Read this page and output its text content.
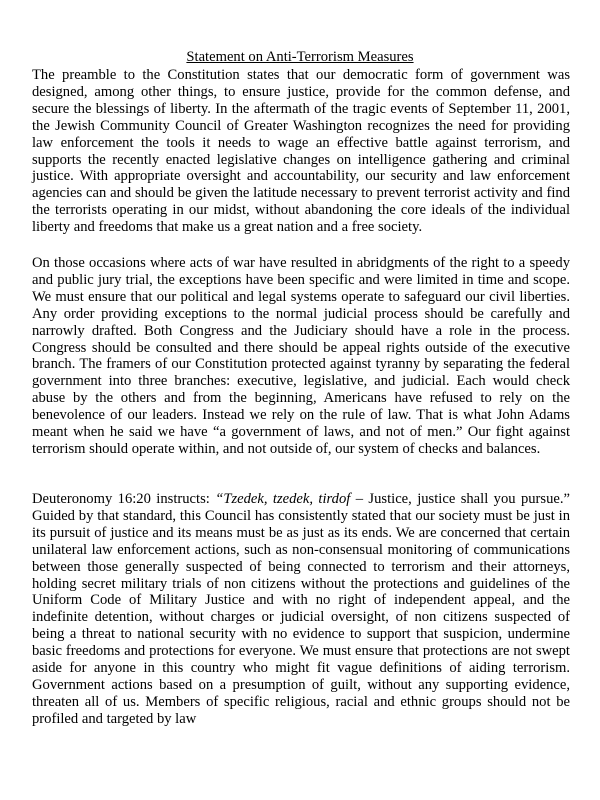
Statement on Anti-Terrorism Measures

The preamble to the Constitution states that our democratic form of government was designed, among other things, to ensure justice, provide for the common defense, and secure the blessings of liberty. In the aftermath of the tragic events of September 11, 2001, the Jewish Community Council of Greater Washington recognizes the need for providing law enforcement the tools it needs to wage an effective battle against terrorism, and supports the recently enacted legislative changes on intelligence gathering and criminal justice. With appropriate oversight and accountability, our security and law enforcement agencies can and should be given the latitude necessary to prevent terrorist activity and find the terrorists operating in our midst, without abandoning the core ideals of the individual liberty and freedoms that make us a great nation and a free society.

On those occasions where acts of war have resulted in abridgments of the right to a speedy and public jury trial, the exceptions have been specific and were limited in time and scope. We must ensure that our political and legal systems operate to safeguard our civil liberties. Any order providing exceptions to the normal judicial process should be carefully and narrowly drafted. Both Congress and the Judiciary should have a role in the process. Congress should be consulted and there should be appeal rights outside of the executive branch. The framers of our Constitution protected against tyranny by separating the federal government into three branches: executive, legislative, and judicial. Each would check abuse by the others and from the beginning, Americans have refused to rely on the benevolence of our leaders. Instead we rely on the rule of law. That is what John Adams meant when he said we have “a government of laws, and not of men.” Our fight against terrorism should operate within, and not outside of, our system of checks and balances.

Deuteronomy 16:20 instructs: “Tzedek, tzedek, tirdof – Justice, justice shall you pursue.” Guided by that standard, this Council has consistently stated that our society must be just in its pursuit of justice and its means must be as just as its ends. We are concerned that certain unilateral law enforcement actions, such as non-consensual monitoring of communications between those generally suspected of being connected to terrorism and their attorneys, holding secret military trials of non citizens without the protections and guidelines of the Uniform Code of Military Justice and with no right of independent appeal, and the indefinite detention, without charges or judicial oversight, of non citizens suspected of being a threat to national security with no evidence to support that suspicion, undermine basic freedoms and protections for everyone. We must ensure that protections are not swept aside for anyone in this country who might fit vague definitions of aiding terrorism. Government actions based on a presumption of guilt, without any supporting evidence, threaten all of us. Members of specific religious, racial and ethnic groups should not be profiled and targeted by law
